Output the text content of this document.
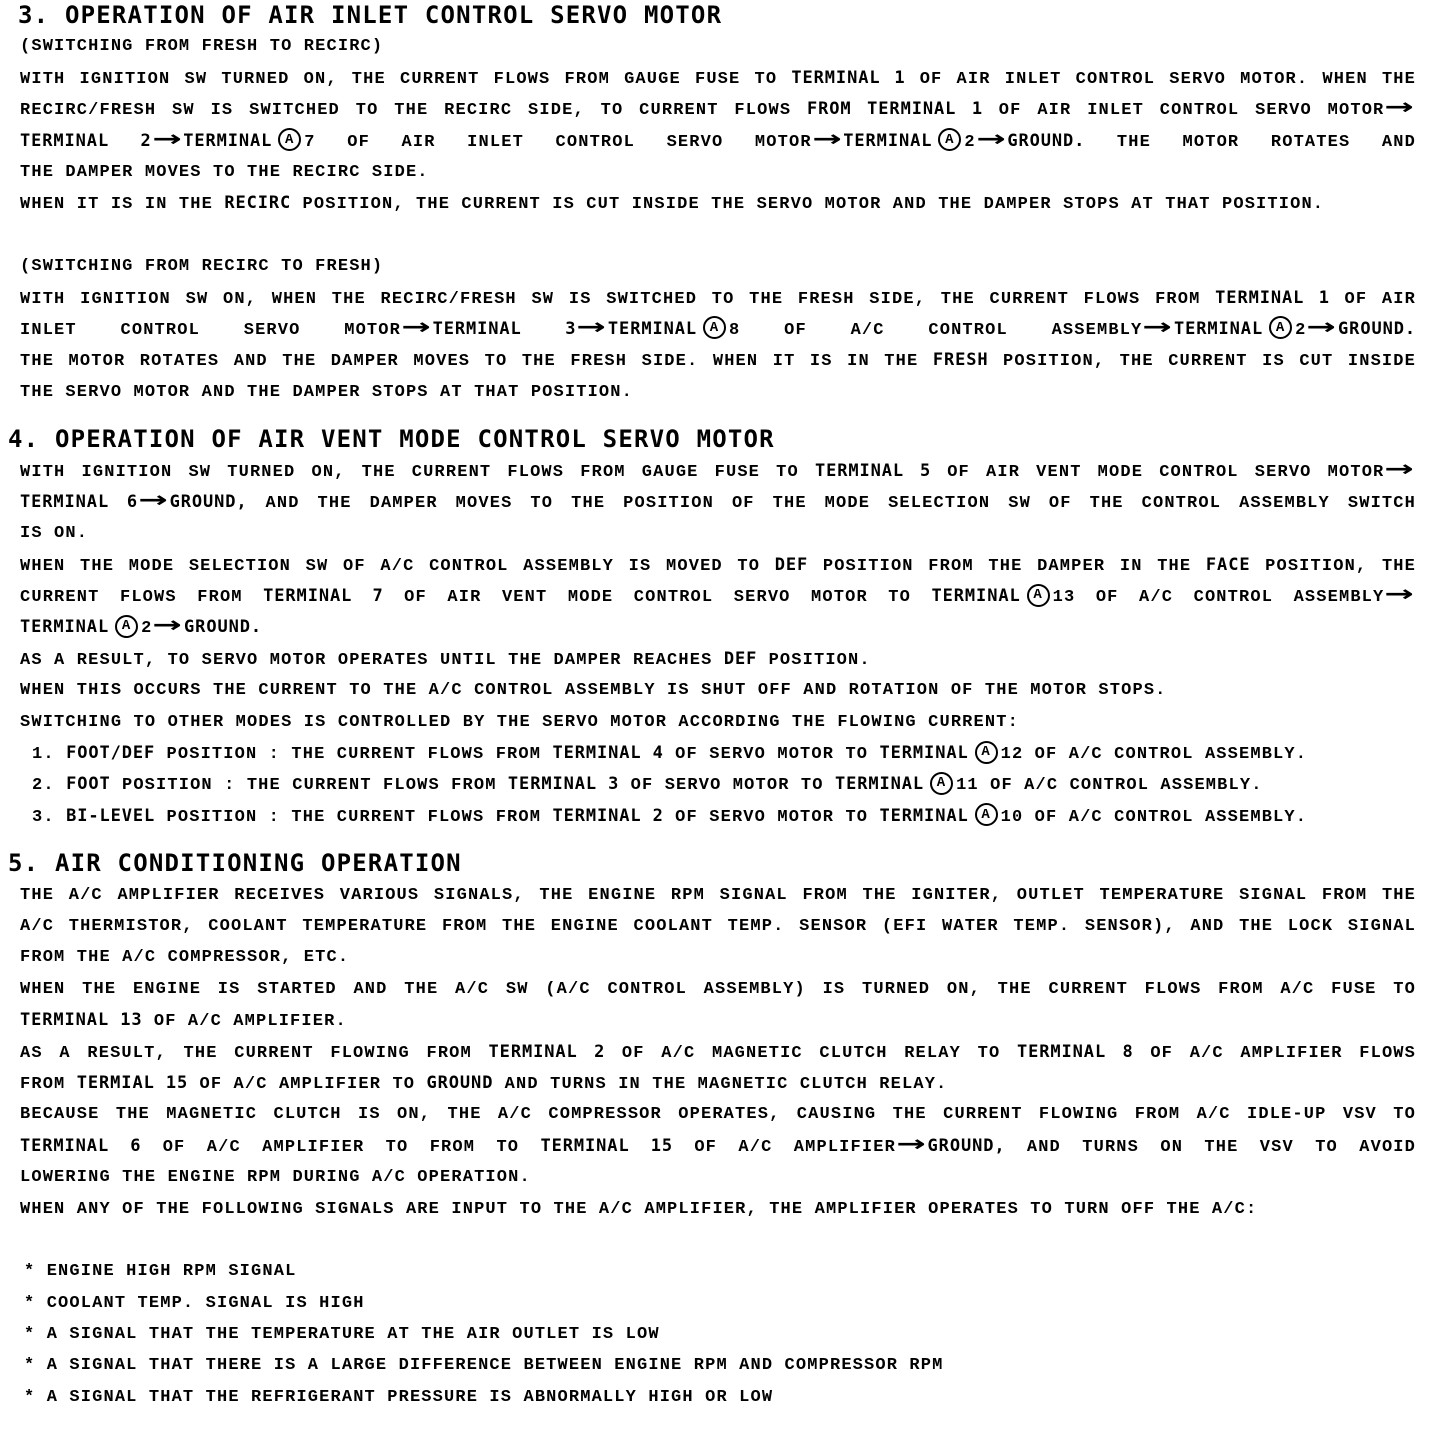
3. OPERATION OF AIR INLET CONTROL SERVO MOTOR
(SWITCHING FROM FRESH TO RECIRC)
WITH IGNITION SW TURNED ON, THE CURRENT FLOWS FROM GAUGE FUSE TO TERMINAL 1 OF AIR INLET CONTROL SERVO MOTOR. WHEN THE
RECIRC/FRESH SW IS SWITCHED TO THE RECIRC SIDE, TO CURRENT FLOWS FROM TERMINAL 1 OF AIR INLET CONTROL SERVO MOTOR→
TERMINAL 2→TERMINAL A 7 OF AIR INLET CONTROL SERVO MOTOR→TERMINAL A 2→GROUND. THE MOTOR ROTATES AND
THE DAMPER MOVES TO THE RECIRC SIDE.
WHEN IT IS IN THE RECIRC POSITION, THE CURRENT IS CUT INSIDE THE SERVO MOTOR AND THE DAMPER STOPS AT THAT POSITION.
(SWITCHING FROM RECIRC TO FRESH)
WITH IGNITION SW ON, WHEN THE RECIRC/FRESH SW IS SWITCHED TO THE FRESH SIDE, THE CURRENT FLOWS FROM TERMINAL 1 OF AIR
INLET CONTROL SERVO MOTOR→TERMINAL 3→TERMINAL A 8 OF A/C CONTROL ASSEMBLY→TERMINAL A 2→GROUND.
THE MOTOR ROTATES AND THE DAMPER MOVES TO THE FRESH SIDE. WHEN IT IS IN THE FRESH POSITION, THE CURRENT IS CUT INSIDE
THE SERVO MOTOR AND THE DAMPER STOPS AT THAT POSITION.
4. OPERATION OF AIR VENT MODE CONTROL SERVO MOTOR
WITH IGNITION SW TURNED ON, THE CURRENT FLOWS FROM GAUGE FUSE TO TERMINAL 5 OF AIR VENT MODE CONTROL SERVO MOTOR→
TERMINAL 6→GROUND, AND THE DAMPER MOVES TO THE POSITION OF THE MODE SELECTION SW OF THE CONTROL ASSEMBLY SWITCH
IS ON.
WHEN THE MODE SELECTION SW OF A/C CONTROL ASSEMBLY IS MOVED TO DEF POSITION FROM THE DAMPER IN THE FACE POSITION, THE
CURRENT FLOWS FROM TERMINAL 7 OF AIR VENT MODE CONTROL SERVO MOTOR TO TERMINAL A 13 OF A/C CONTROL ASSEMBLY→
TERMINAL A 2→GROUND.
AS A RESULT, TO SERVO MOTOR OPERATES UNTIL THE DAMPER REACHES DEF POSITION.
WHEN THIS OCCURS THE CURRENT TO THE A/C CONTROL ASSEMBLY IS SHUT OFF AND ROTATION OF THE MOTOR STOPS.
SWITCHING TO OTHER MODES IS CONTROLLED BY THE SERVO MOTOR ACCORDING THE FLOWING CURRENT:
1. FOOT/DEF POSITION : THE CURRENT FLOWS FROM TERMINAL 4 OF SERVO MOTOR TO TERMINAL A 12 OF A/C CONTROL ASSEMBLY.
2. FOOT POSITION : THE CURRENT FLOWS FROM TERMINAL 3 OF SERVO MOTOR TO TERMINAL A 11 OF A/C CONTROL ASSEMBLY.
3. BI-LEVEL POSITION : THE CURRENT FLOWS FROM TERMINAL 2 OF SERVO MOTOR TO TERMINAL A 10 OF A/C CONTROL ASSEMBLY.
5. AIR CONDITIONING OPERATION
THE A/C AMPLIFIER RECEIVES VARIOUS SIGNALS, THE ENGINE RPM SIGNAL FROM THE IGNITER, OUTLET TEMPERATURE SIGNAL FROM THE
A/C THERMISTOR, COOLANT TEMPERATURE FROM THE ENGINE COOLANT TEMP. SENSOR (EFI WATER TEMP. SENSOR), AND THE LOCK SIGNAL
FROM THE A/C COMPRESSOR, ETC.
WHEN THE ENGINE IS STARTED AND THE A/C SW (A/C CONTROL ASSEMBLY) IS TURNED ON, THE CURRENT FLOWS FROM A/C FUSE TO
TERMINAL 13 OF A/C AMPLIFIER.
AS A RESULT, THE CURRENT FLOWING FROM TERMINAL 2 OF A/C MAGNETIC CLUTCH RELAY TO TERMINAL 8 OF A/C AMPLIFIER FLOWS
FROM TERMIAL 15 OF A/C AMPLIFIER TO GROUND AND TURNS IN THE MAGNETIC CLUTCH RELAY.
BECAUSE THE MAGNETIC CLUTCH IS ON, THE A/C COMPRESSOR OPERATES, CAUSING THE CURRENT FLOWING FROM A/C IDLE-UP VSV TO
TERMINAL 6 OF A/C AMPLIFIER TO FROM TO TERMINAL 15 OF A/C AMPLIFIER→GROUND, AND TURNS ON THE VSV TO AVOID
LOWERING THE ENGINE RPM DURING A/C OPERATION.
WHEN ANY OF THE FOLLOWING SIGNALS ARE INPUT TO THE A/C AMPLIFIER, THE AMPLIFIER OPERATES TO TURN OFF THE A/C:
* ENGINE HIGH RPM SIGNAL
* COOLANT TEMP. SIGNAL IS HIGH
* A SIGNAL THAT THE TEMPERATURE AT THE AIR OUTLET IS LOW
* A SIGNAL THAT THERE IS A LARGE DIFFERENCE BETWEEN ENGINE RPM AND COMPRESSOR RPM
* A SIGNAL THAT THE REFRIGERANT PRESSURE IS ABNORMALLY HIGH OR LOW
